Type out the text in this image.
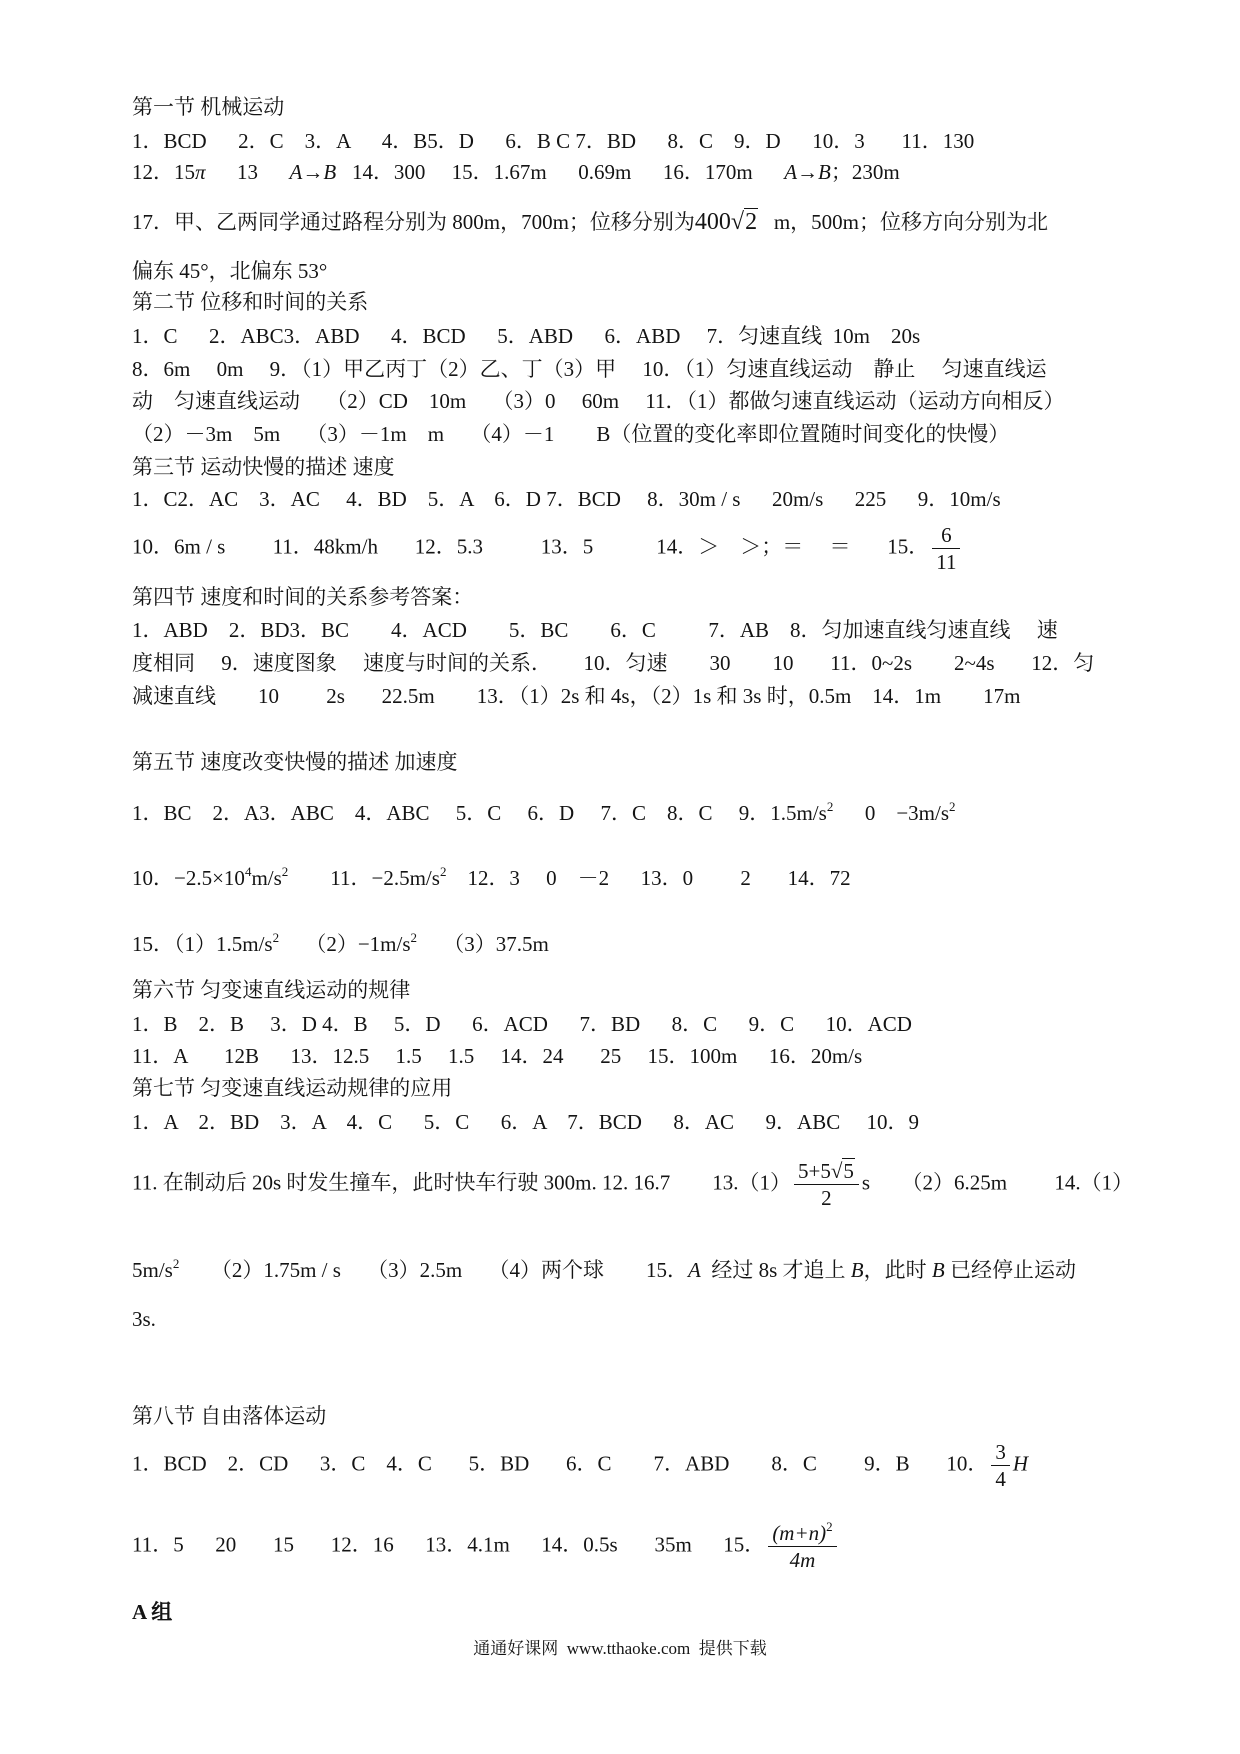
第一节 机械运动
1．BCD      2．C    3．A      4．B5．D      6．B C 7．BD      8．C    9．D      10．3       11．130
12．15π      13      A→B   14．300     15．1.67m      0.69m      16．170m      A→B；230m
17．甲、乙两同学通过路程分别为 800m，700m；位移分别为400√2   m，500m；位移方向分别为北
偏东 45°，北偏东 53°
第二节 位移和时间的关系
1．C      2．ABC3．ABD      4．BCD      5．ABD      6．ABD     7．匀速直线  10m    20s
8．6m     0m     9．（1）甲乙丙丁（2）乙、丁（3）甲     10．（1）匀速直线运动    静止     匀速直线运
动    匀速直线运动     （2）CD    10m     （3）0     60m     11．（1）都做匀速直线运动（运动方向相反）
（2）－3m    5m     （3）－1m    m     （4）－1        B（位置的变化率即位置随时间变化的快慢）
第三节 运动快慢的描述 速度
1．C2．AC    3．AC     4．BD    5．A    6．D 7．BCD     8．30m / s      20m/s      225      9．10m/s
10．6m / s         11．48km/h       12．5.3           13．5            14．＞    ＞；＝     ＝       15． $\frac{6}{11}$
第四节 速度和时间的关系参考答案：
1．ABD    2．BD3．BC        4．ACD        5．BC        6．C          7．AB    8．匀加速直线匀速直线     速
度相同     9．速度图象     速度与时间的关系．      10．匀速        30        10       11．0~2s        2~4s       12．匀
减速直线        10         2s       22.5m        13．（1）2s 和 4s，（2）1s 和 3s 时，0.5m    14．1m        17m
第五节 速度改变快慢的描述 加速度
1．BC    2．A3．ABC    4．ABC     5．C     6．D     7．C    8．C     9．$1.5m/s^2$      0    $-3m/s^2$
10．$-2.5\times 10^4m/s^2$        11．$-2.5m/s^2$    12．3     0    －2      13．0         2       14．72
15．$(1)1.5m/s^2$     $(2)-1m/s^2$     （3）37.5m
第六节 匀变速直线运动的规律
1．B    2．B     3．D 4．B     5．D      6．ACD      7．BD      8．C      9．C      10．ACD
11．A       12B      13．12.5     1.5     1.5     14．24       25     15．100m      16．20m/s
第七节 匀变速直线运动规律的应用
1．A    2．BD    3．A    4．C      5．C      6．A    7．BCD      8．AC      9．ABC     10．9
11. 在制动后 20s 时发生撞车，此时快车行驶 300m. 12. 16.7        $13.(1) \frac{5+5√5}{2}$ s      （2）6.25m         14.（1）
$5m/s^2$      （2）1.75m / s     （3）2.5m     （4）两个球        15．A  经过 8s 才追上 B，此时 B 已经停止运动
3s.
第八节 自由落体运动
1．BCD    2．CD      3．C    4．C       5．BD       6．C        7．ABD        8．C         9．B       10． $\frac{3}{4}$ H
11．5      20       15       12．16      13．4.1m      14．0.5s       35m      15． $\frac{(m+n)^2}{4m}$
A 组
通通好课网  www.tthaoke.com  提供下载
